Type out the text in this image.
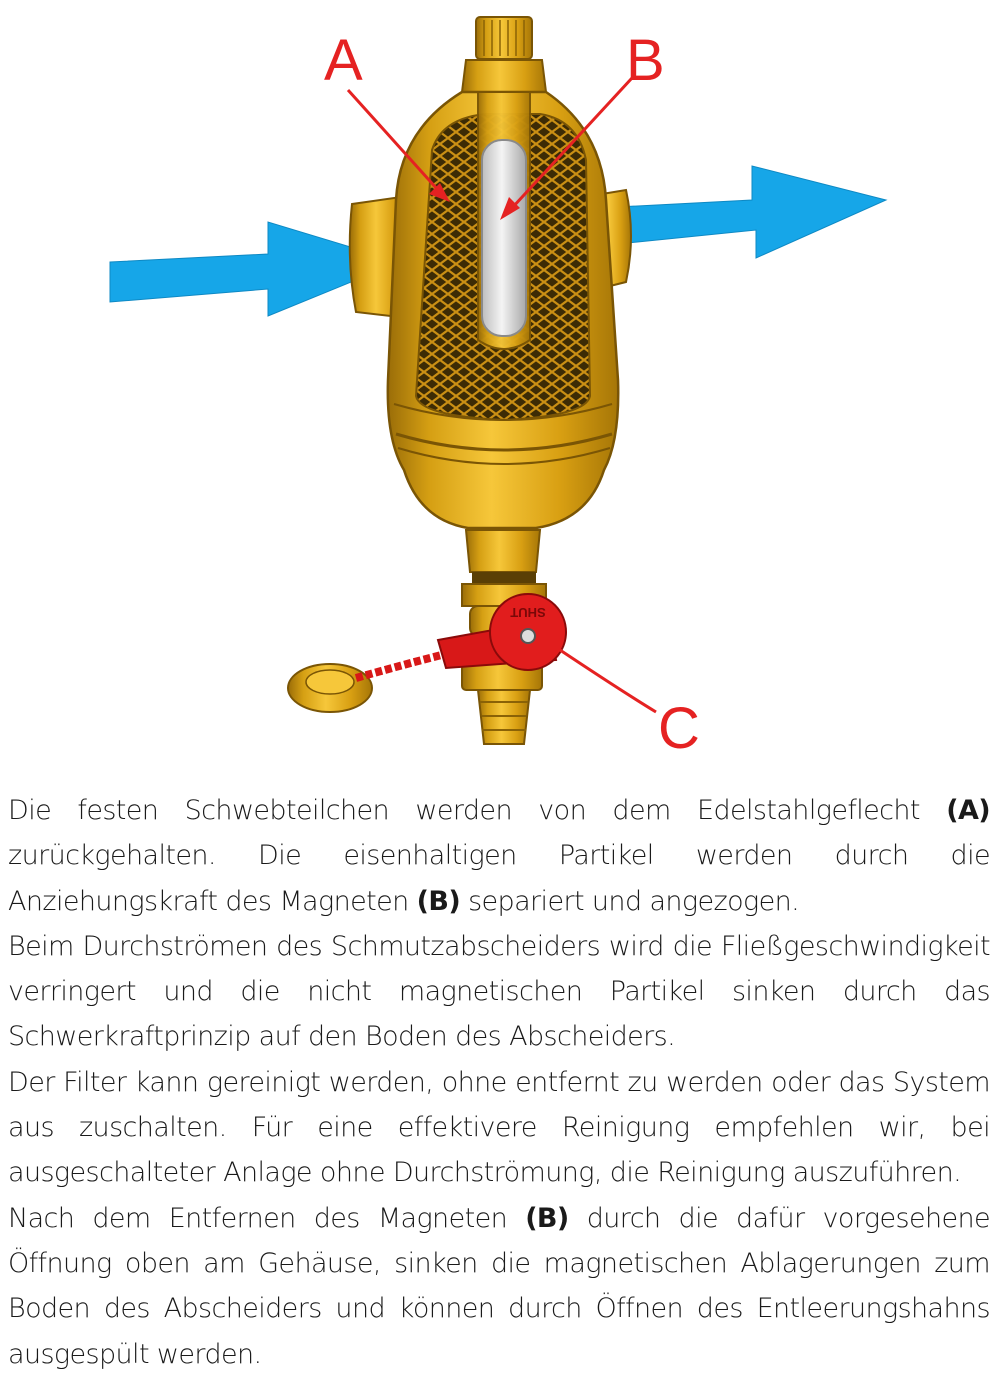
SHUT
A	B
C

Die festen Schwebteilchen werden von dem Edelstahlgeflecht (A) zurückgehalten. Die eisenhaltigen Partikel werden durch die Anziehungskraft des Magneten (B) separiert und angezogen.

Beim Durchströmen des Schmutzabscheiders wird die Fließgeschwindigkeit verringert und die nicht magnetischen Partikel sinken durch das Schwerkraftprinzip auf den Boden des Abscheiders.

Der Filter kann gereinigt werden, ohne entfernt zu werden oder das System aus zuschalten. Für eine effektivere Reinigung empfehlen wir, bei ausgeschalteter Anlage ohne Durchströmung, die Reinigung auszuführen.

Nach dem Entfernen des Magneten (B) durch die dafür vorgesehene Öffnung oben am Gehäuse, sinken die magnetischen Ablagerungen zum Boden des Abscheiders und können durch Öffnen des Entleerungshahns ausgespült werden.
